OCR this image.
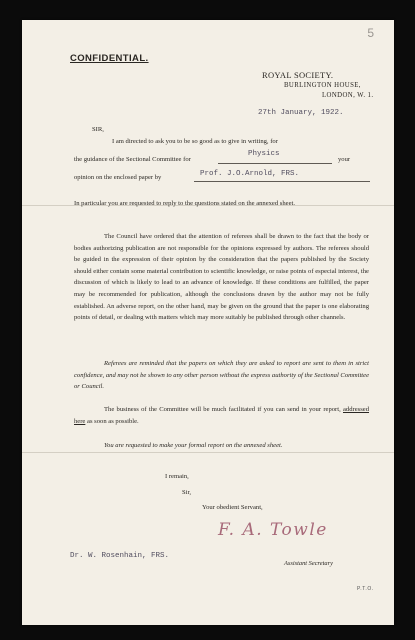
5
CONFIDENTIAL.
ROYAL SOCIETY.
BURLINGTON HOUSE,
LONDON, W. 1.
27th January, 1922.
SIR,
I am directed to ask you to be so good as to give in writing, for
the guidance of the Sectional Committee for
Physics
your
opinion on the enclosed paper by	Prof. J.O.Arnold, FRS.
In particular you are requested to reply to the questions stated on the annexed sheet.
The Council have ordered that the attention of referees shall be drawn to the fact that the body or bodies authorizing publication are not responsible for the opinions expressed by authors. The referees should be guided in the expression of their opinion by the consideration that the papers published by the Society should either contain some material contribution to scientific knowledge, or raise points of especial interest, the discussion of which is likely to lead to an advance of knowledge. If these conditions are fulfilled, the paper may be recommended for publication, although the conclusions drawn by the author may not be fully established. An adverse report, on the other hand, may be given on the ground that the paper is one elaborating points of detail, or dealing with matters which may more suitably be published through other channels.
Referees are reminded that the papers on which they are asked to report are sent to them in strict confidence, and may not be shown to any other person without the express authority of the Sectional Committee or Council.
The business of the Committee will be much facilitated if you can send in your report, addressed here as soon as possible.
You are requested to make your formal report on the annexed sheet.
I remain,
Sir,
Your obedient Servant,
F. A. Towle
Dr. W. Rosenhain, FRS.
Assistant Secretary
P.T.O.
